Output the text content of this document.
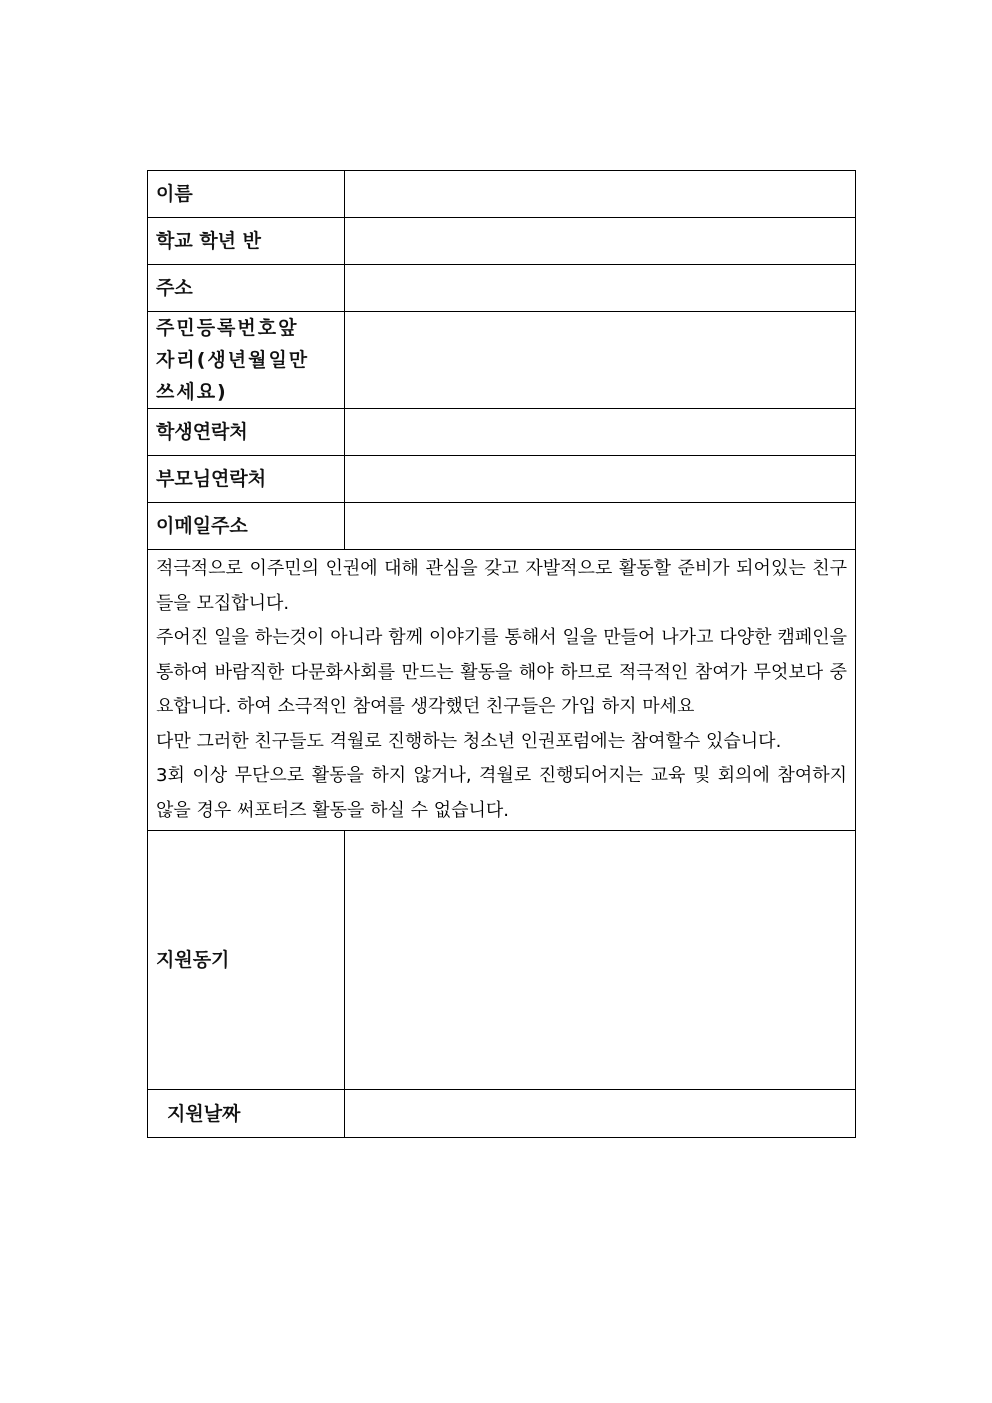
이름	
학교 학년 반	
주소	

주민등록번호앞
자리(생년월일만
쓰세요)	

학생연락처	
부모님연락처	
이메일주소	

적극적으로 이주민의 인권에 대해 관심을 갖고 자발적으로 활동할 준비가 되어있는 친구들을 모집합니다.

주어진 일을 하는것이 아니라 함께 이야기를 통해서 일을 만들어 나가고 다양한 캠페인을 통하여 바람직한 다문화사회를 만드는 활동을 해야 하므로 적극적인 참여가 무엇보다 중요합니다. 하여 소극적인 참여를 생각했던 친구들은 가입 하지 마세요

다만 그러한 친구들도 격월로 진행하는 청소년 인권포럼에는 참여할수 있습니다.

3회 이상 무단으로 활동을 하지 않거나, 격월로 진행되어지는 교육 및 회의에 참여하지 않을 경우 써포터즈 활동을 하실 수 없습니다.	

지원동기	
지원날짜	
